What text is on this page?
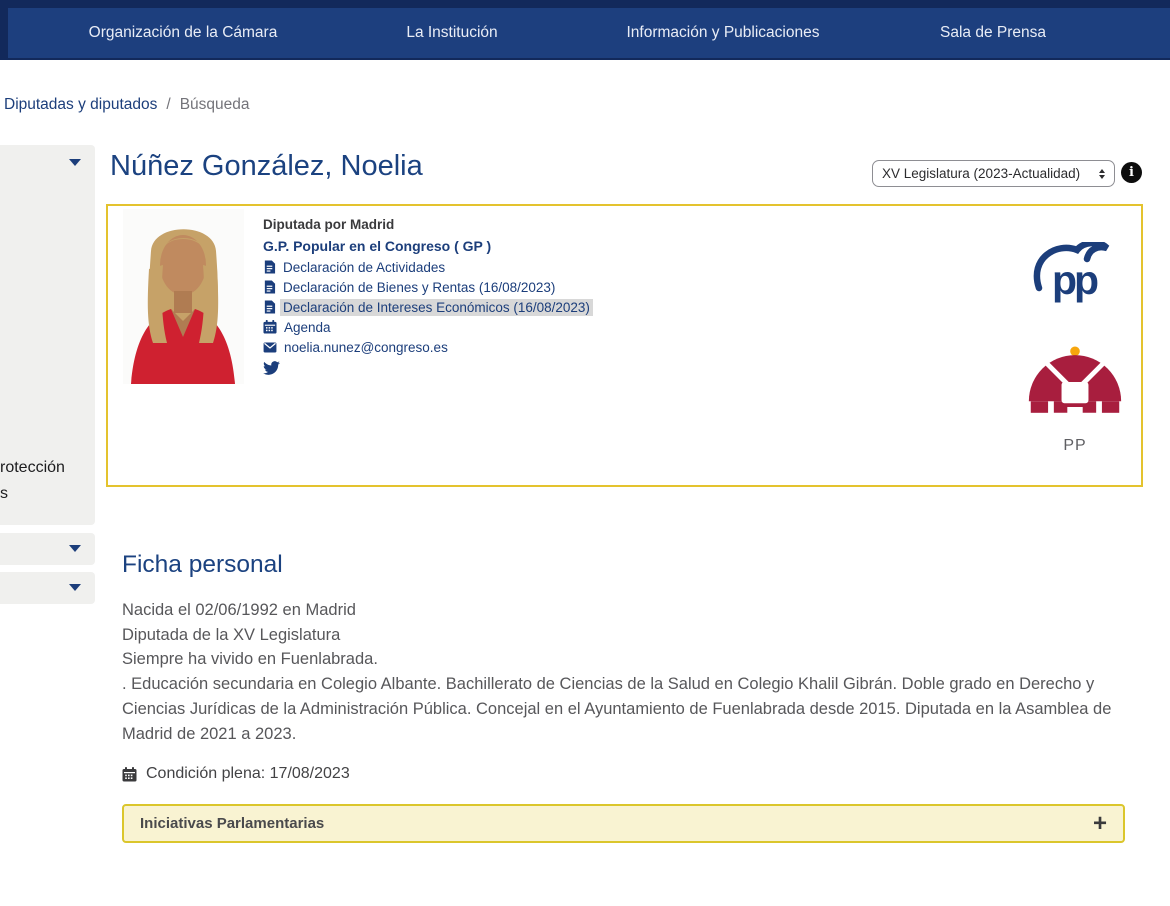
Organización de la Cámara	La Institución	Información y Publicaciones	Sala de Prensa
Diputadas y diputados / Búsqueda
rotección
s
Núñez González, Noelia	XV Legislatura (2023-Actualidad)	i
Diputada por Madrid
G.P. Popular en el Congreso ( GP )
Declaración de Actividades
Declaración de Bienes y Rentas (16/08/2023)
Declaración de Intereses Económicos (16/08/2023)
Agenda
noelia.nunez@congreso.es
pp
PP
Ficha personal
Nacida el 02/06/1992 en Madrid
Diputada de la XV Legislatura
Siempre ha vivido en Fuenlabrada.
. Educación secundaria en Colegio Albante. Bachillerato de Ciencias de la Salud en Colegio Khalil Gibrán. Doble grado en Derecho y
Ciencias Jurídicas de la Administración Pública. Concejal en el Ayuntamiento de Fuenlabrada desde 2015. Diputada en la Asamblea de
Madrid de 2021 a 2023.
Condición plena: 17/08/2023
Iniciativas Parlamentarias	+
